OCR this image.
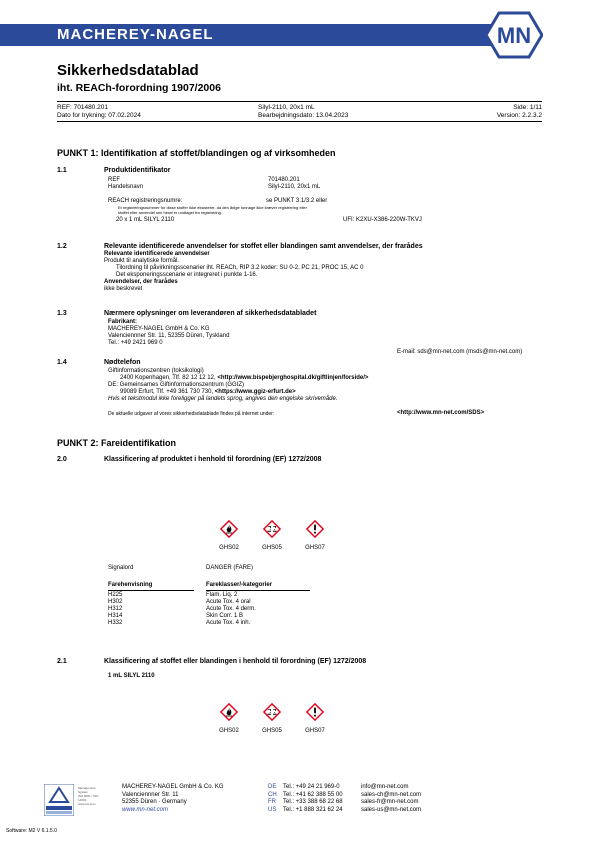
MACHEREY-NAGEL	MN
Sikkerhedsdatablad
iht. REACh-forordning 1907/2006
REF: 701480.201	Silyl-2110, 20x1 mL	Side: 1/11
Dato for trykning: 07.02.2024	Bearbejdningsdato: 13.04.2023	Version: 2.2.3.2
PUNKT 1: Identifikation af stoffet/blandingen og af virksomheden
1.1	Produktidentifikator
REF	701480.201
Handelsnavn	Silyl-2110, 20x1 mL
REACH registreringsnumre:	se PUNKT 3.1/3.2 eller
Et registreringsnummer for disse stoffer ikke eksisterer, da den årlige tonnage ikke kræver registrering eller
stoffet eller anvendel sen heraf er undtaget fra registrering.
20 x 1 mL SILYL 2110	UFI: K2XU-X386-220W-TKVJ
1.2	Relevante identificerede anvendelser for stoffet eller blandingen samt anvendelser, der frarådes
Relevante identificerede anvendelser
Produkt til analytiske formål.
Tilordning til påvirkningsscenarier iht. REACh, RIP 3.2 koder: SU 0-2, PC 21, PROC 15, AC 0
Det eksponeringsscenarie er integreret i punkte 1-16.
Anvendelser, der frarådes
ikke beskrevet
1.3	Nærmere oplysninger om leverandøren af sikkerhedsdatabladet
Fabrikant:
MACHEREY-NAGEL GmbH & Co. KG
Valenciennner Str. 11, 52355 Düren, Tyskland
Tel.: +49 2421 969 0
E-mail: sds@mn-net.com (msds@mn-net.com)
1.4	Nødtelefon
Giftinformationszentren (toksikologi)
2400 Kopenhagen, Tlf. 82 12 12 12, <http://www.bispebjerghospital.dk/giftlinjen/forside/>
DE: Gemeinsames Giftinformationszentrum (GGIZ)
99089 Erfurt, Tlf. +49 361 730 730, <https://www.ggiz-erfurt.de>
Hvis et tekstmodul ikke foreligger på landets sprog, angives den engelske skrivemåde.
De aktuelle udgaver af vores sikkerhedsdatablade findes på internet under:	<http://www.mn-net.com/SDS>
PUNKT 2: Fareidentifikation
2.0	Klassificering af produktet i henhold til forordning (EF) 1272/2008
GHS02	GHS05	GHS07
Signalord	DANGER (FARE)
Farehenvisning	Fareklasser/-kategorier
H225	Flam. Liq. 2
H302	Acute Tox. 4 oral
H312	Acute Tox. 4 derm.
H314	Skin Corr. 1 B
H332	Acute Tox. 4 inh.
2.1	Klassificering af stoffet eller blandingen i henhold til forordning (EF) 1272/2008
1 mL SILYL 2110
GHS02	GHS05	GHS07
Management System
ISO 9001 / ISO 14001
www.tuv.com
MACHEREY-NAGEL GmbH & Co. KG
Valenciennner Str. 11
52355 Düren · Germany
www.mn-net.com
DE Tel.: +49 24 21 969-0	info@mn-net.com
CH Tel.: +41 62 388 55 00	sales-ch@mn-net.com
FR Tel.: +33 388 68 22 68	sales-fr@mn-net.com
US Tel.: +1 888 321 62 24	sales-us@mn-net.com
Software: M2 V 6.1.5.0
